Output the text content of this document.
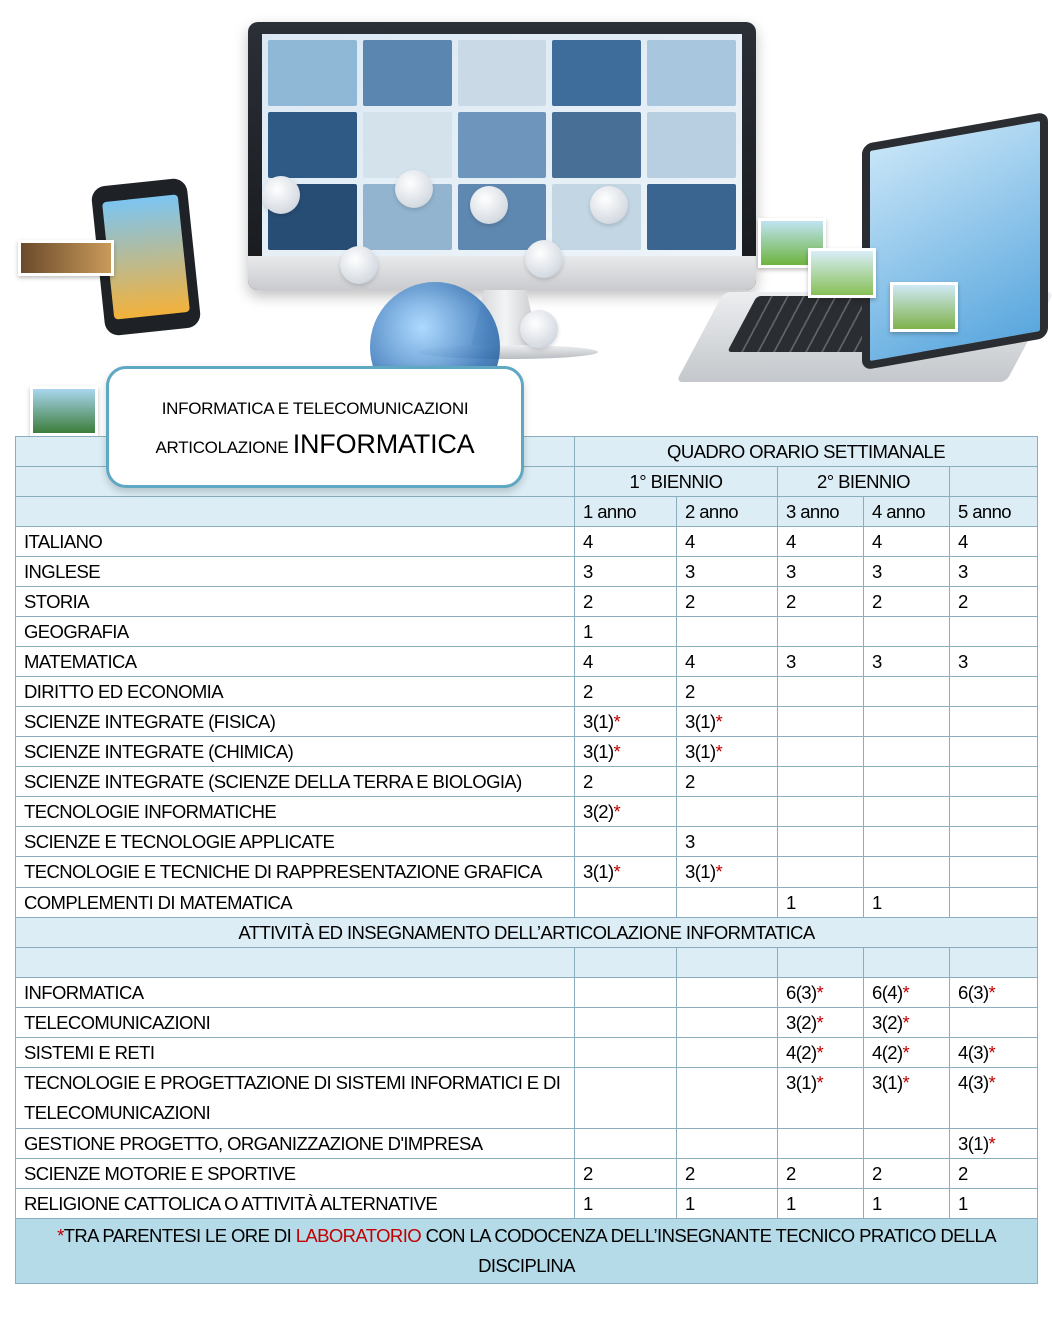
INFORMATICA E TELECOMUNICAZIONI
ARTICOLAZIONE INFORMATICA
		QUADRO ORARIO SETTIMANALE				
	1° BIENNIO		2° BIENNIO		
	1 anno	2 anno	3 anno	4 anno	5 anno
ITALIANO	4	4	4	4	4
INGLESE	3	3	3	3	3
STORIA	2	2	2	2	2
GEOGRAFIA	1				
MATEMATICA	4	4	3	3	3
DIRITTO ED ECONOMIA	2	2			
SCIENZE INTEGRATE (FISICA)	3(1)*	3(1)*			
SCIENZE INTEGRATE (CHIMICA)	3(1)*	3(1)*			
SCIENZE INTEGRATE (SCIENZE DELLA TERRA E BIOLOGIA)	2	2			
TECNOLOGIE INFORMATICHE	3(2)*				
SCIENZE E TECNOLOGIE APPLICATE		3			
TECNOLOGIE E TECNICHE DI RAPPRESENTAZIONE GRAFICA	3(1)*	3(1)*			
COMPLEMENTI DI MATEMATICA			1	1	
ATTIVITÀ ED INSEGNAMENTO DELL’ARTICOLAZIONE INFORMTATICA					

INFORMATICA			6(3)*	6(4)*	6(3)*
TELECOMUNICAZIONI			3(2)*	3(2)*	
SISTEMI E RETI			4(2)*	4(2)*	4(3)*
TECNOLOGIE E PROGETTAZIONE DI SISTEMI INFORMATICI E DI TELECOMUNICAZIONI			3(1)*	3(1)*	4(3)*
GESTIONE PROGETTO, ORGANIZZAZIONE D'IMPRESA					3(1)*
SCIENZE MOTORIE E SPORTIVE	2	2	2	2	2
RELIGIONE CATTOLICA O ATTIVITÀ ALTERNATIVE	1	1	1	1	1
*TRA PARENTESI LE ORE DI LABORATORIO CON LA CODOCENZA DELL’INSEGNANTE TECNICO PRATICO DELLA DISCIPLINA					
